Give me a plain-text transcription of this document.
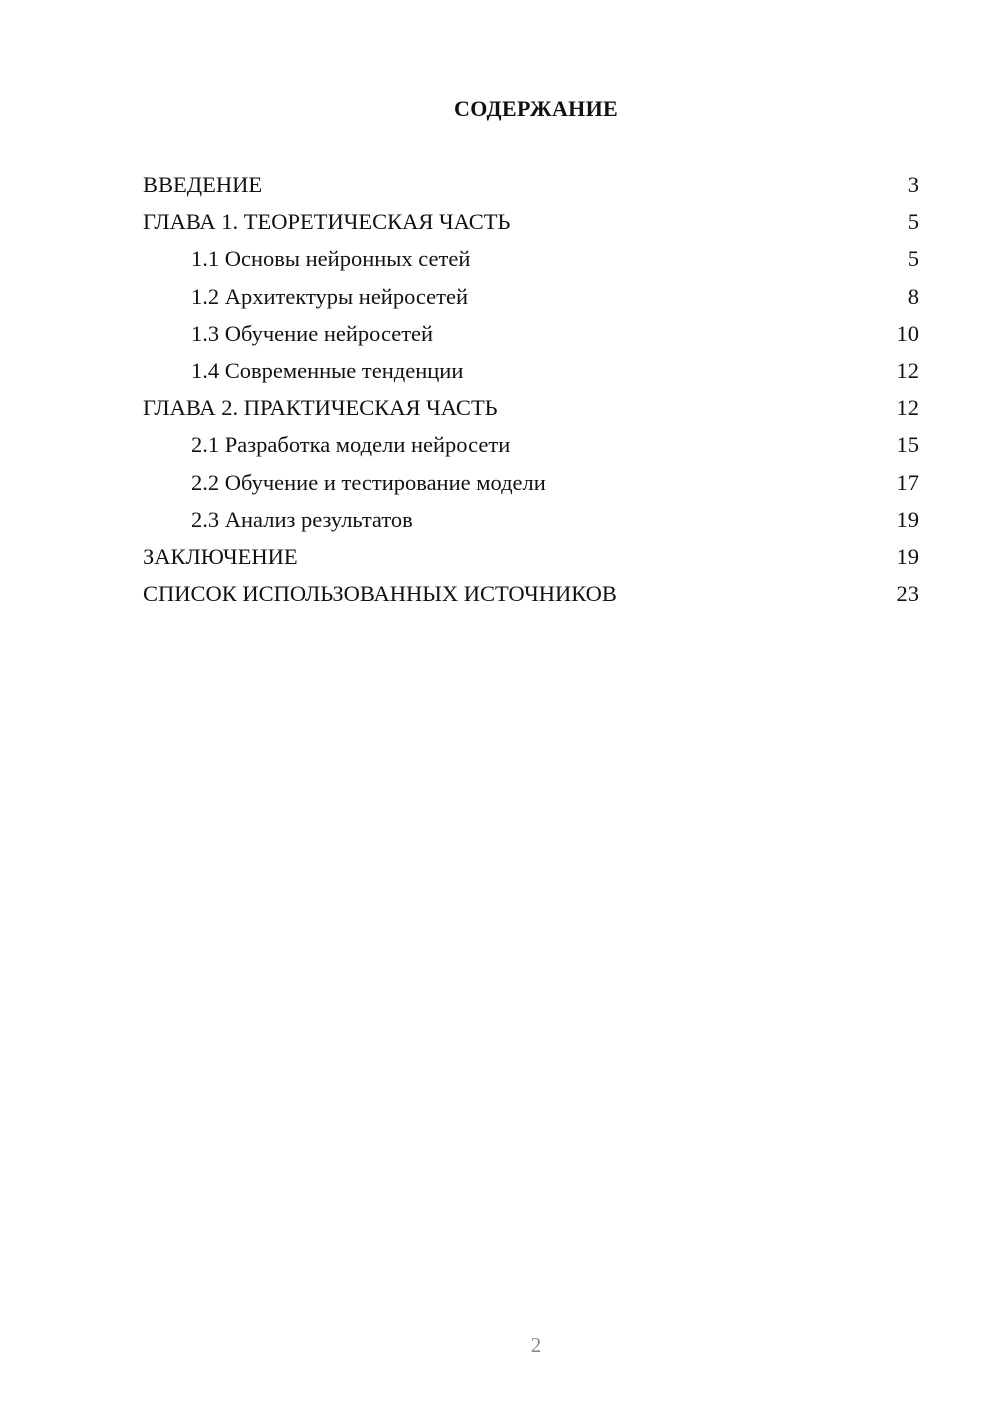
СОДЕРЖАНИЕ
ВВЕДЕНИЕ	3
ГЛАВА 1. ТЕОРЕТИЧЕСКАЯ ЧАСТЬ	5
1.1 Основы нейронных сетей	5
1.2 Архитектуры нейросетей	8
1.3 Обучение нейросетей	10
1.4 Современные тенденции	12
ГЛАВА 2. ПРАКТИЧЕСКАЯ ЧАСТЬ	12
2.1 Разработка модели нейросети	15
2.2 Обучение и тестирование модели	17
2.3 Анализ результатов	19
ЗАКЛЮЧЕНИЕ	19
СПИСОК ИСПОЛЬЗОВАННЫХ ИСТОЧНИКОВ	23
2
